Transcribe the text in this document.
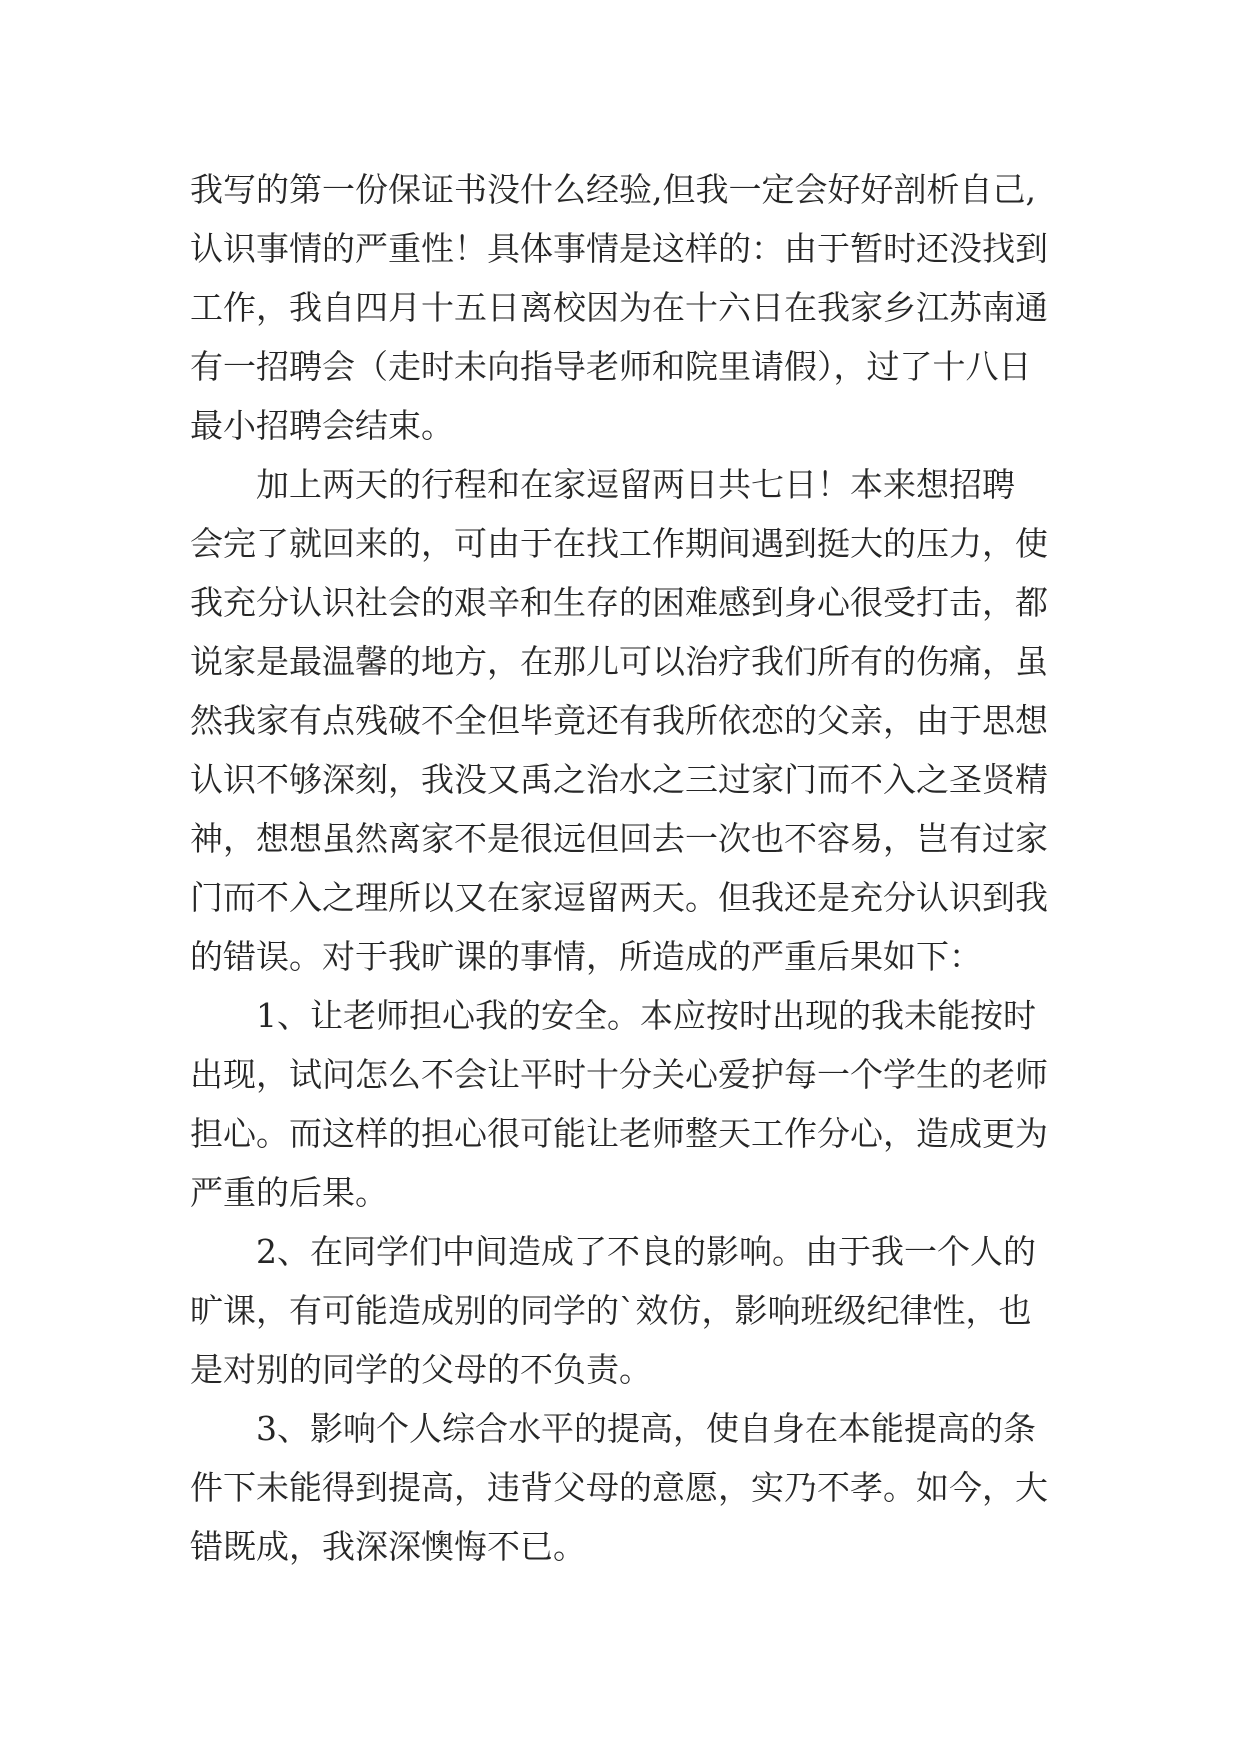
我写的第一份保证书没什么经验,但我一定会好好剖析自己,
认识事情的严重性！具体事情是这样的：由于暂时还没找到
工作，我自四月十五日离校因为在十六日在我家乡江苏南通
有一招聘会（走时未向指导老师和院里请假），过了十八日
最小招聘会结束。
加上两天的行程和在家逗留两日共七日！本来想招聘
会完了就回来的，可由于在找工作期间遇到挺大的压力，使
我充分认识社会的艰辛和生存的困难感到身心很受打击，都
说家是最温馨的地方，在那儿可以治疗我们所有的伤痛，虽
然我家有点残破不全但毕竟还有我所依恋的父亲，由于思想
认识不够深刻，我没又禹之治水之三过家门而不入之圣贤精
神，想想虽然离家不是很远但回去一次也不容易，岂有过家
门而不入之理所以又在家逗留两天。但我还是充分认识到我
的错误。对于我旷课的事情，所造成的严重后果如下：
1、让老师担心我的安全。本应按时出现的我未能按时
出现，试问怎么不会让平时十分关心爱护每一个学生的老师
担心。而这样的担心很可能让老师整天工作分心，造成更为
严重的后果。
2、在同学们中间造成了不良的影响。由于我一个人的
旷课，有可能造成别的同学的`效仿，影响班级纪律性，也
是对别的同学的父母的不负责。
3、影响个人综合水平的提高，使自身在本能提高的条
件下未能得到提高，违背父母的意愿，实乃不孝。如今，大
错既成，我深深懊悔不已。
